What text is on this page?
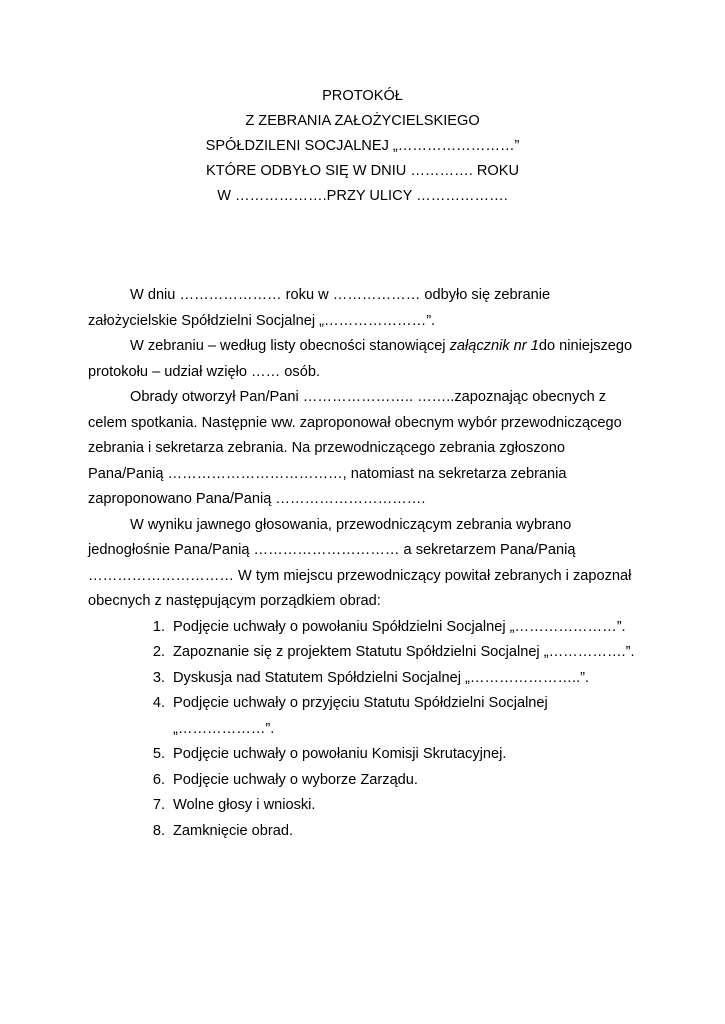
PROTOKÓŁ
Z ZEBRANIA ZAŁOŻYCIELSKIEGO
SPÓŁDZILENI SOCJALNEJ „……………………”
KTÓRE ODBYŁO SIĘ W DNIU …………. ROKU
W ……………….PRZY ULICY ……………….
W dniu ………………… roku w ……………… odbyło się zebranie
założycielskie Spółdzielni Socjalnej „…………………”.
W zebraniu – według listy obecności stanowiącej załącznik nr 1do niniejszego
protokołu – udział wzięło …… osób.
Obrady otworzył Pan/Pani ………………….. ……..zapoznając obecnych z
celem spotkania. Następnie ww. zaproponował obecnym wybór przewodniczącego
zebrania i sekretarza zebrania. Na przewodniczącego zebrania zgłoszono
Pana/Panią ………………………………, natomiast na sekretarza zebrania
zaproponowano Pana/Panią ………………………….
W wyniku jawnego głosowania, przewodniczącym zebrania wybrano
jednogłośnie Pana/Panią ………………………… a sekretarzem Pana/Panią
………………………… W tym miejscu przewodniczący powitał zebranych i zapoznał
obecnych z następującym porządkiem obrad:
1. Podjęcie uchwały o powołaniu Spółdzielni Socjalnej „…………………”.
2. Zapoznanie się z projektem Statutu Spółdzielni Socjalnej „…………….”.
3. Dyskusja nad Statutem Spółdzielni Socjalnej „…………………..”.
4. Podjęcie uchwały o przyjęciu Statutu Spółdzielni Socjalnej
„………………”.
5. Podjęcie uchwały o powołaniu Komisji Skrutacyjnej.
6. Podjęcie uchwały o wyborze Zarządu.
7. Wolne głosy i wnioski.
8. Zamknięcie obrad.
